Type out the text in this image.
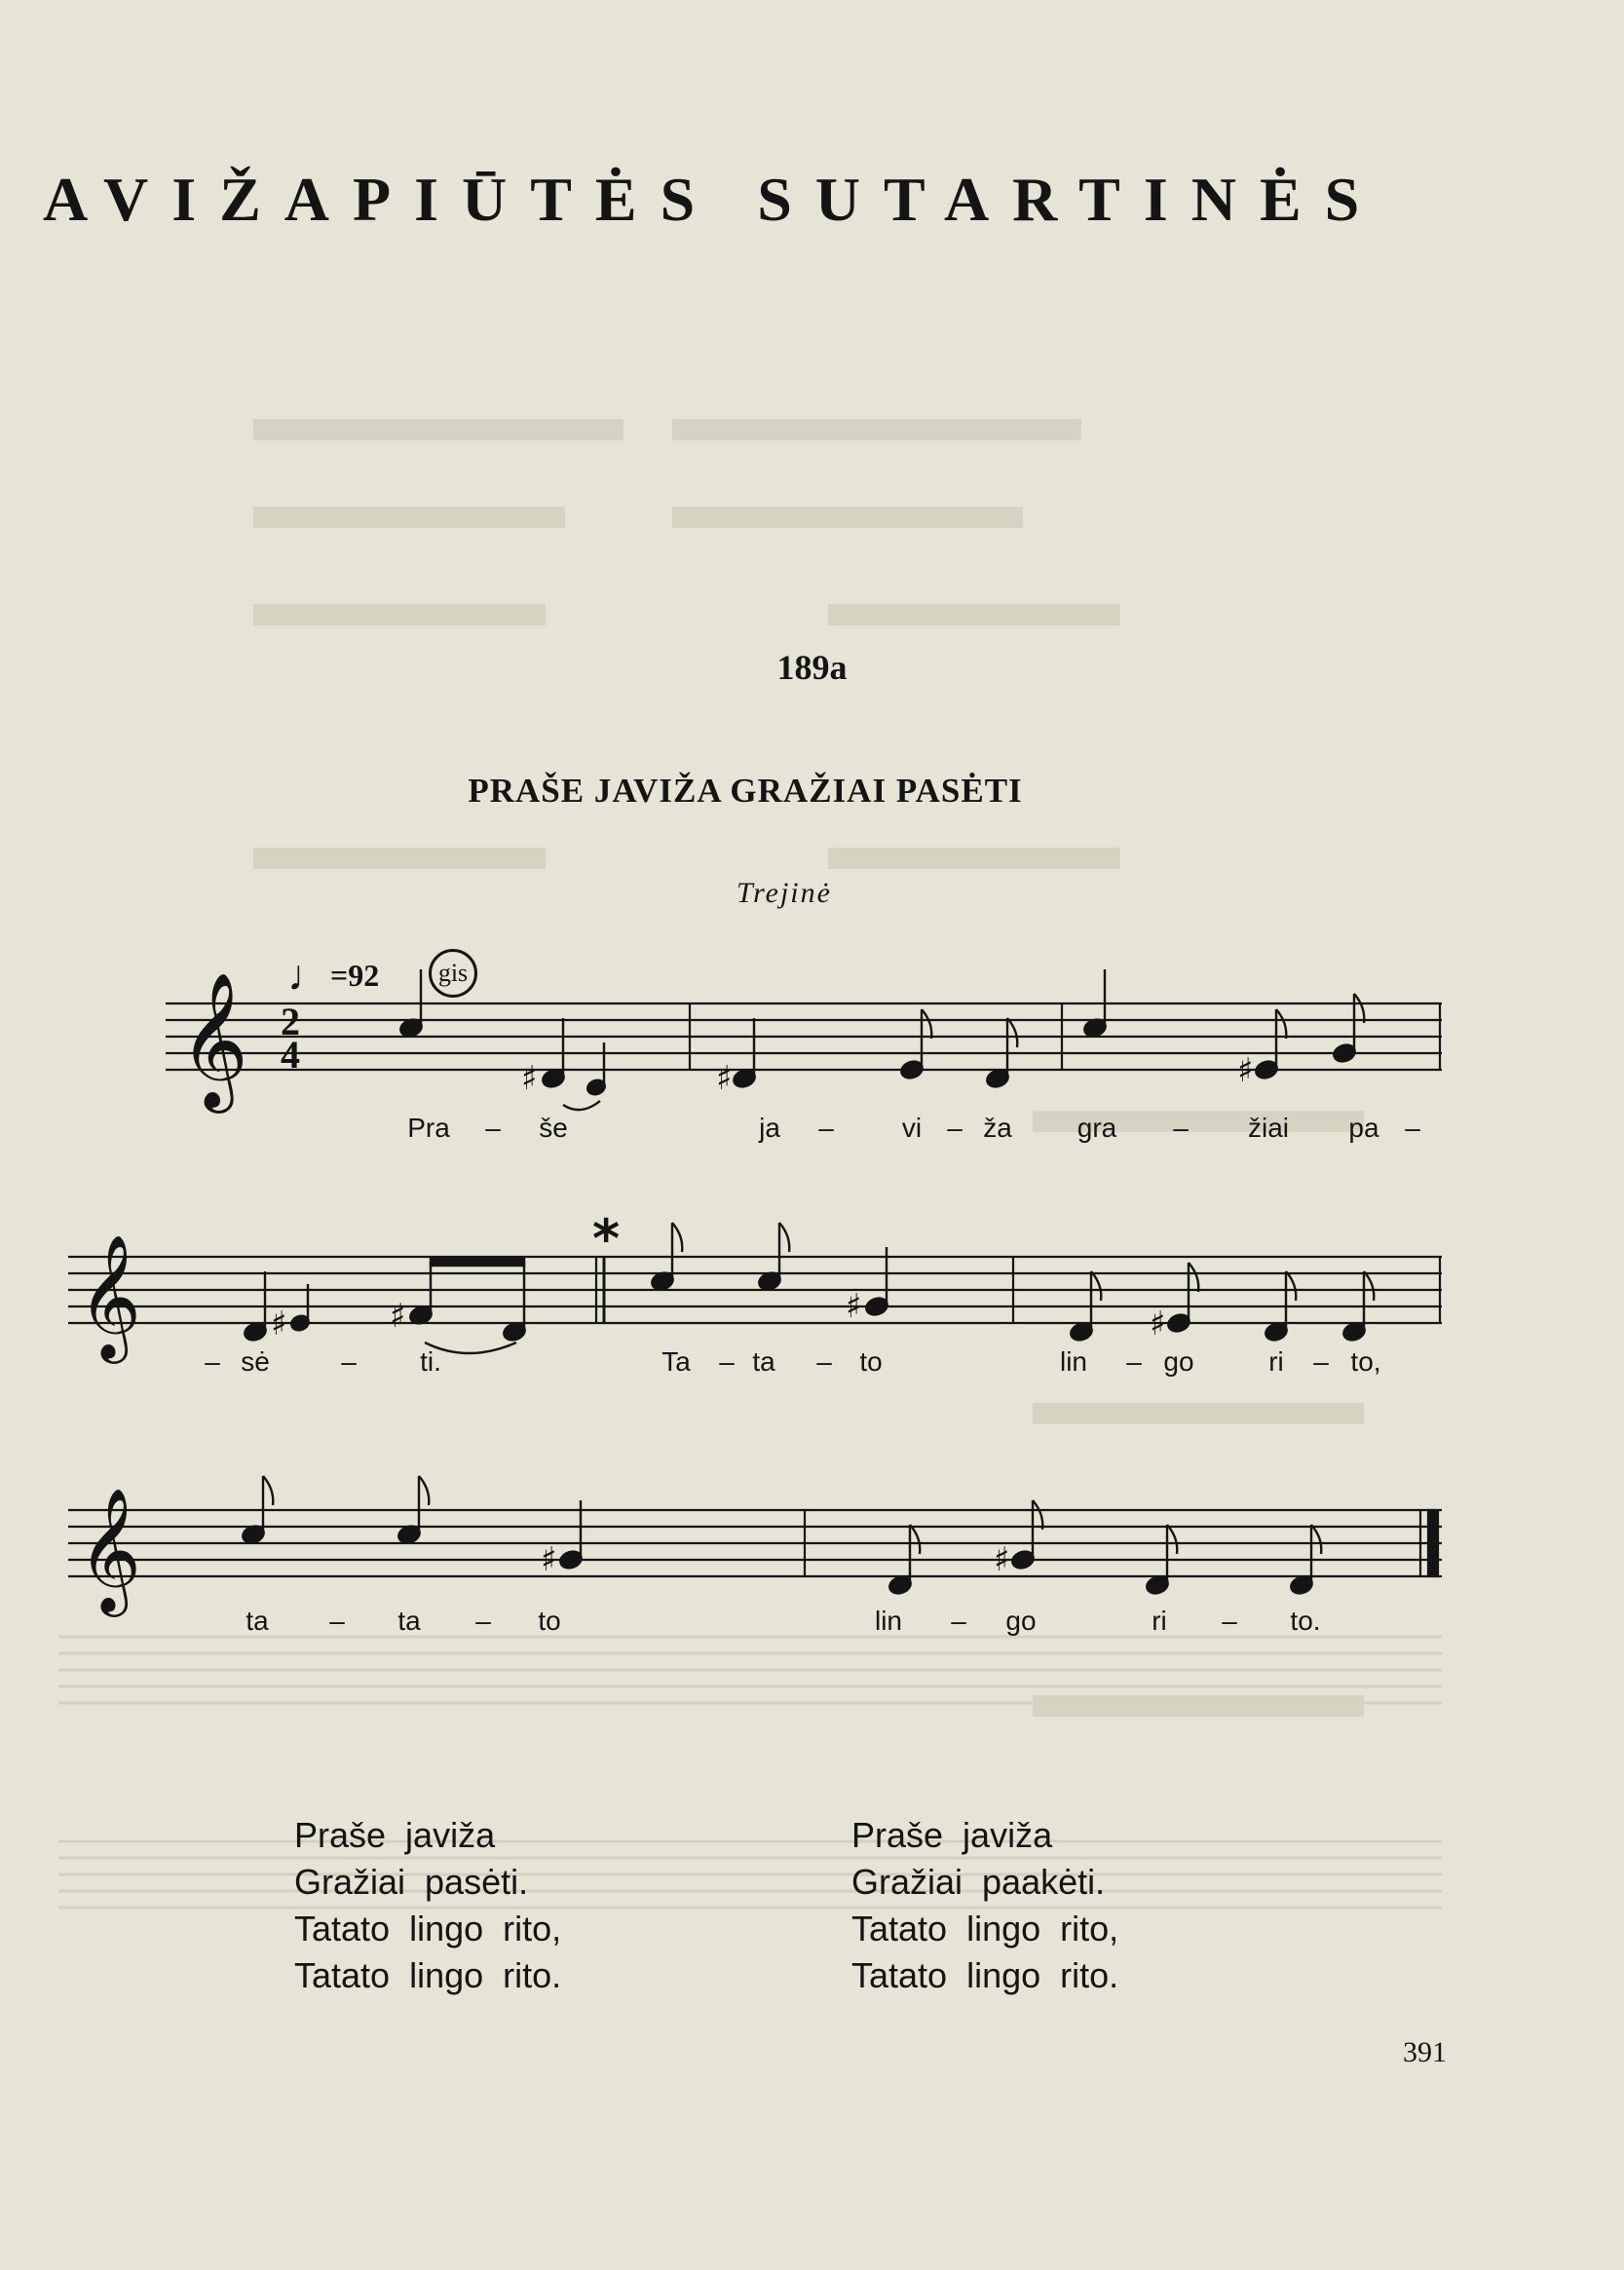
AVIŽAPIŪTĖS SUTARTINĖS
189a
PRAŠE JAVIŽA GRAŽIAI PASĖTI
Trejinė
♩=92	gis
*
𝄞
𝄞
𝄞
2
4
♯	♯	♯
♯	♯	♯	♯
♯	♯
Pra – še	ja –	vi – ža gra – žiai pa –
– sė	– ti.	Ta – ta – to	lin – go	ri – to,
ta – ta – to	lin – go	ri – to.
Praše javiža
Gražiai pasėti.
Tatato lingo rito,
Tatato lingo rito.
Praše javiža
Gražiai paakėti.
Tatato lingo rito,
Tatato lingo rito.
391
